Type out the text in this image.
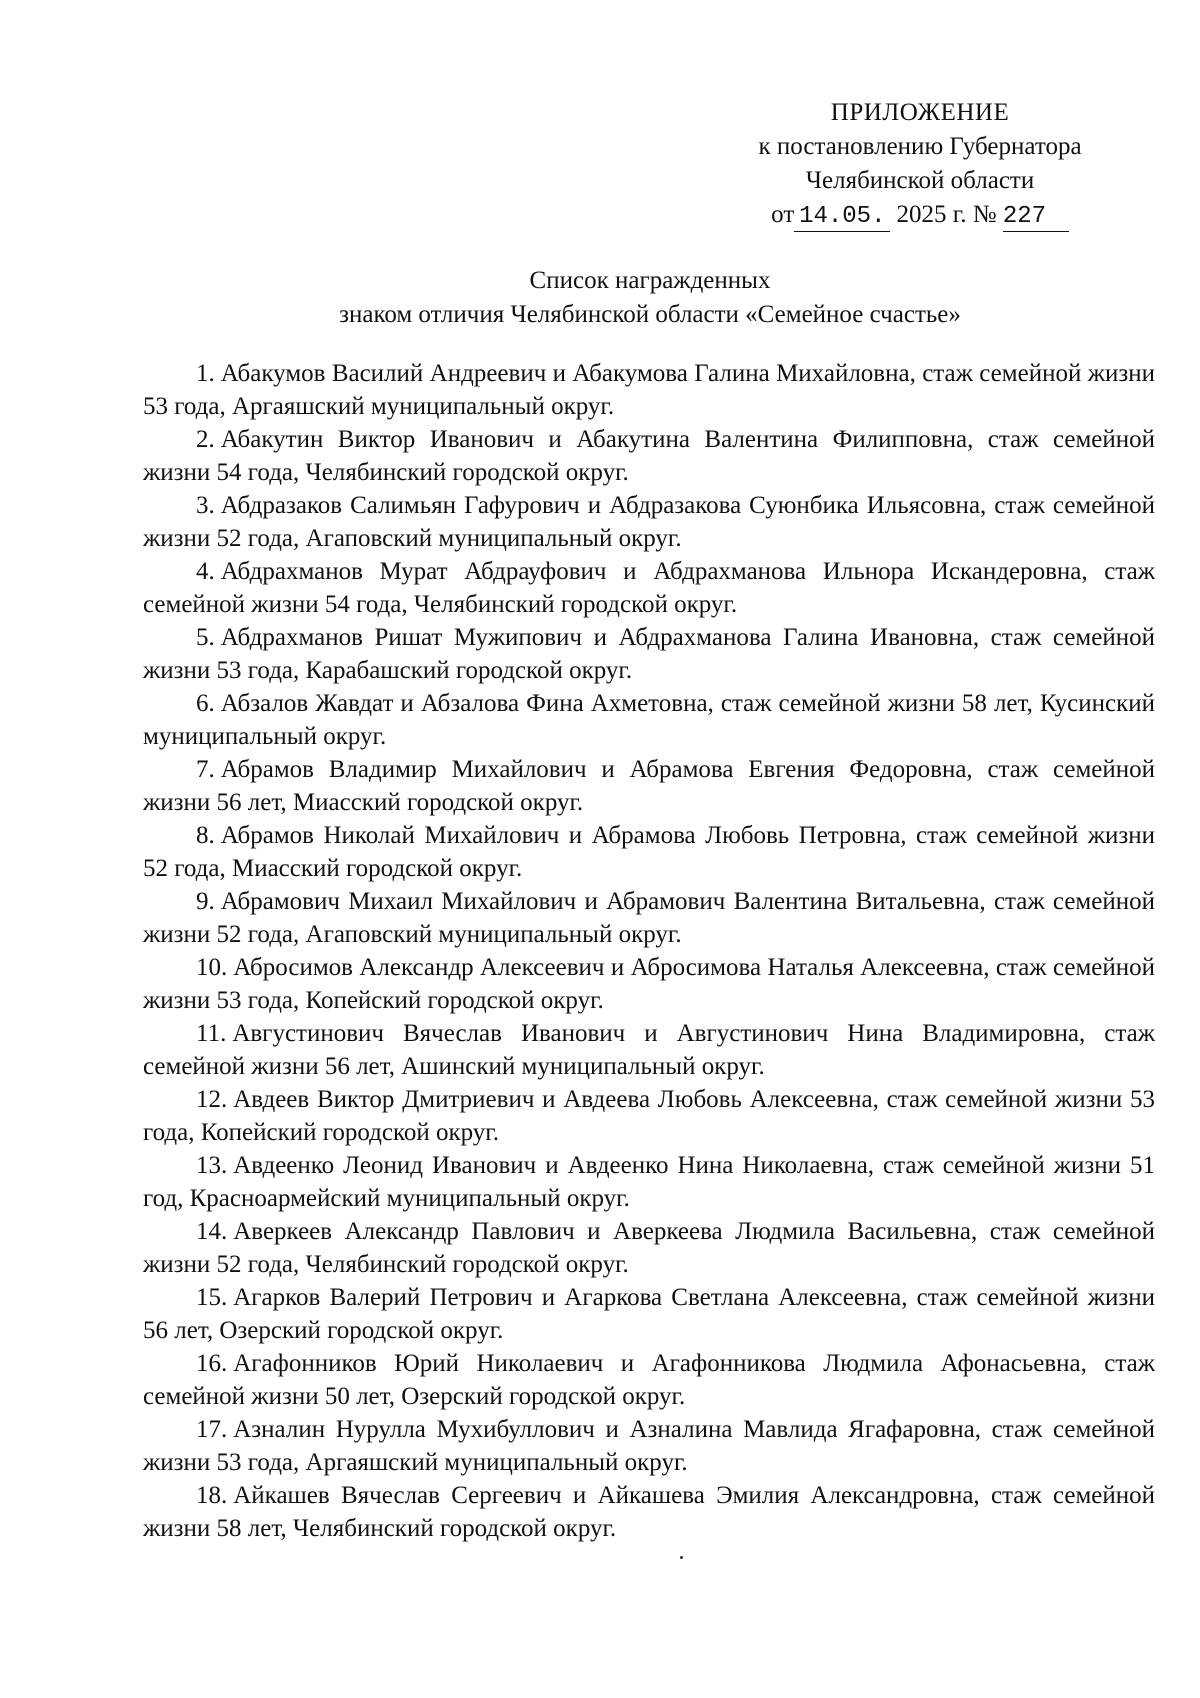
ПРИЛОЖЕНИЕ
к постановлению Губернатора
Челябинской области
от 14.05. 2025 г. № 227
Список награжденных
знаком отличия Челябинской области «Семейное счастье»

1. Абакумов Василий Андреевич и Абакумова Галина Михайловна, стаж семейной жизни 53 года, Аргаяшский муниципальный округ.

2. Абакутин Виктор Иванович и Абакутина Валентина Филипповна, стаж семейной жизни 54 года, Челябинский городской округ.

3. Абдразаков Салимьян Гафурович и Абдразакова Суюнбика Ильясовна, стаж семейной жизни 52 года, Агаповский муниципальный округ.

4. Абдрахманов Мурат Абдрауфович и Абдрахманова Ильнора Искандеровна, стаж семейной жизни 54 года, Челябинский городской округ.

5. Абдрахманов Ришат Мужипович и Абдрахманова Галина Ивановна, стаж семейной жизни 53 года, Карабашский городской округ.

6. Абзалов Жавдат и Абзалова Фина Ахметовна, стаж семейной жизни 58 лет, Кусинский муниципальный округ.

7. Абрамов Владимир Михайлович и Абрамова Евгения Федоровна, стаж семейной жизни 56 лет, Миасский городской округ.

8. Абрамов Николай Михайлович и Абрамова Любовь Петровна, стаж семейной жизни 52 года, Миасский городской округ.

9. Абрамович Михаил Михайлович и Абрамович Валентина Витальевна, стаж семейной жизни 52 года, Агаповский муниципальный округ.

10. Абросимов Александр Алексеевич и Абросимова Наталья Алексеевна, стаж семейной жизни 53 года, Копейский городской округ.

11. Августинович Вячеслав Иванович и Августинович Нина Владимировна, стаж семейной жизни 56 лет, Ашинский муниципальный округ.

12. Авдеев Виктор Дмитриевич и Авдеева Любовь Алексеевна, стаж семейной жизни 53 года, Копейский городской округ.

13. Авдеенко Леонид Иванович и Авдеенко Нина Николаевна, стаж семейной жизни 51 год, Красноармейский муниципальный округ.

14. Аверкеев Александр Павлович и Аверкеева Людмила Васильевна, стаж семейной жизни 52 года, Челябинский городской округ.

15. Агарков Валерий Петрович и Агаркова Светлана Алексеевна, стаж семейной жизни 56 лет, Озерский городской округ.

16. Агафонников Юрий Николаевич и Агафонникова Людмила Афонасьевна, стаж семейной жизни 50 лет, Озерский городской округ.

17. Азналин Нурулла Мухибуллович и Азналина Мавлида Ягафаровна, стаж семейной жизни 53 года, Аргаяшский муниципальный округ.

18. Айкашев Вячеслав Сергеевич и Айкашева Эмилия Александровна, стаж семейной жизни 58 лет, Челябинский городской округ.
